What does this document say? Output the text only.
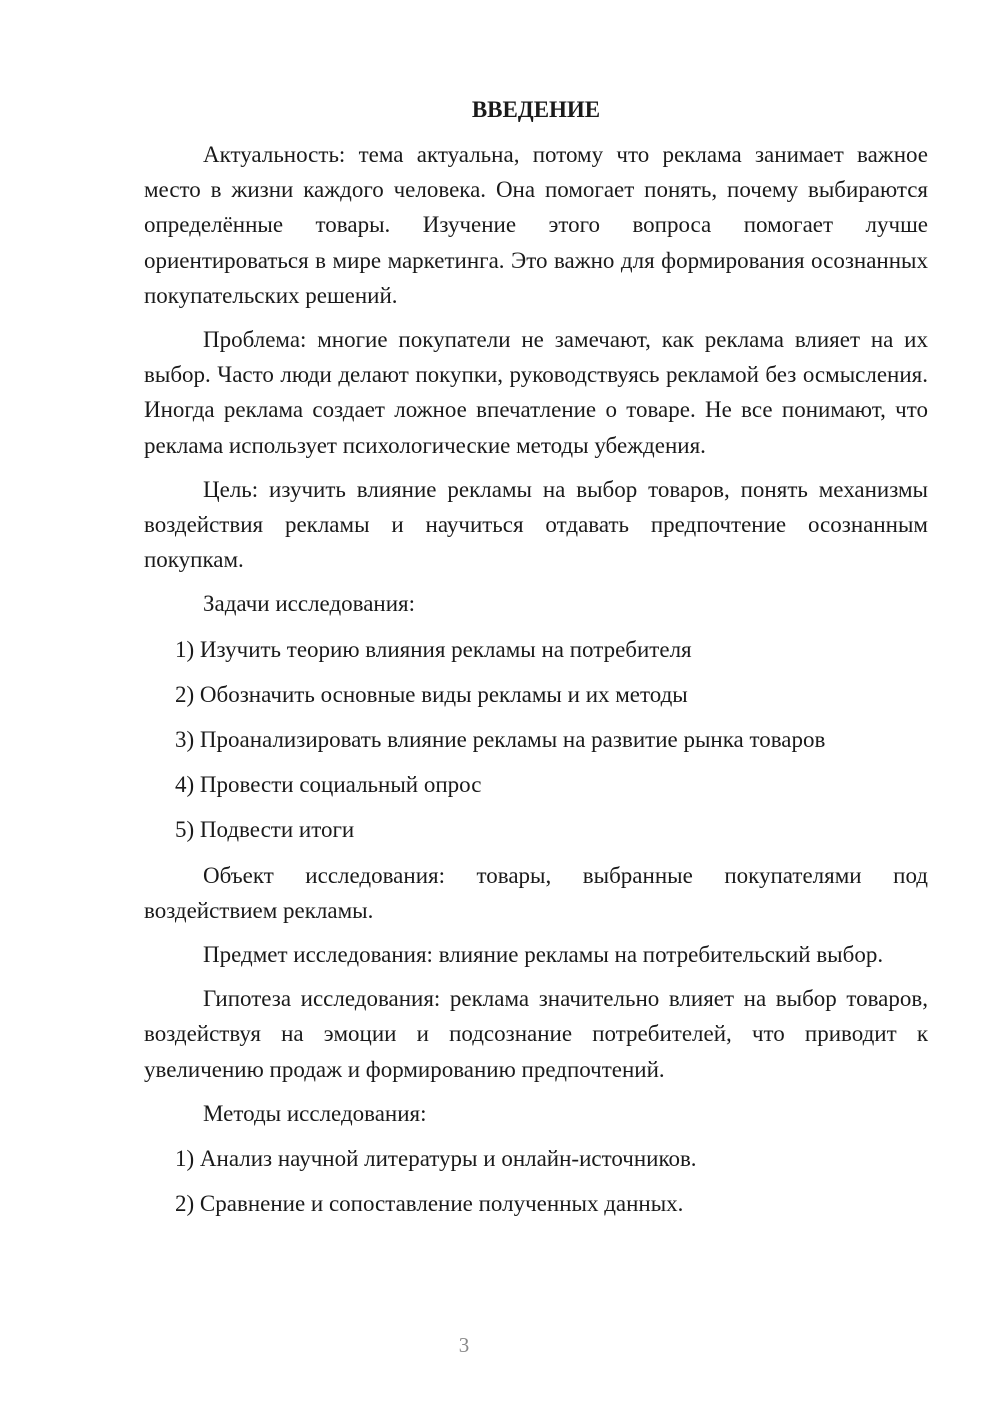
ВВЕДЕНИЕ

Актуальность: тема актуальна, потому что реклама занимает важное место в жизни каждого человека. Она помогает понять, почему выбираются определённые товары. Изучение этого вопроса помогает лучше ориентироваться в мире маркетинга. Это важно для формирования осознанных покупательских решений.

Проблема: многие покупатели не замечают, как реклама влияет на их выбор. Часто люди делают покупки, руководствуясь рекламой без осмысления. Иногда реклама создает ложное впечатление о товаре. Не все понимают, что реклама использует психологические методы убеждения.

Цель: изучить влияние рекламы на выбор товаров, понять механизмы воздействия рекламы и научиться отдавать предпочтение осознанным покупкам.

Задачи исследования:

1) Изучить теорию влияния рекламы на потребителя

2) Обозначить основные виды рекламы и их методы

3) Проанализировать влияние рекламы на развитие рынка товаров

4) Провести социальный опрос

5) Подвести итоги

Объект исследования: товары, выбранные покупателями под воздействием рекламы.

Предмет исследования: влияние рекламы на потребительский выбор.

Гипотеза исследования: реклама значительно влияет на выбор товаров, воздействуя на эмоции и подсознание потребителей, что приводит к увеличению продаж и формированию предпочтений.

Методы исследования:

1) Анализ научной литературы и онлайн-источников.

2) Сравнение и сопоставление полученных данных.

3
